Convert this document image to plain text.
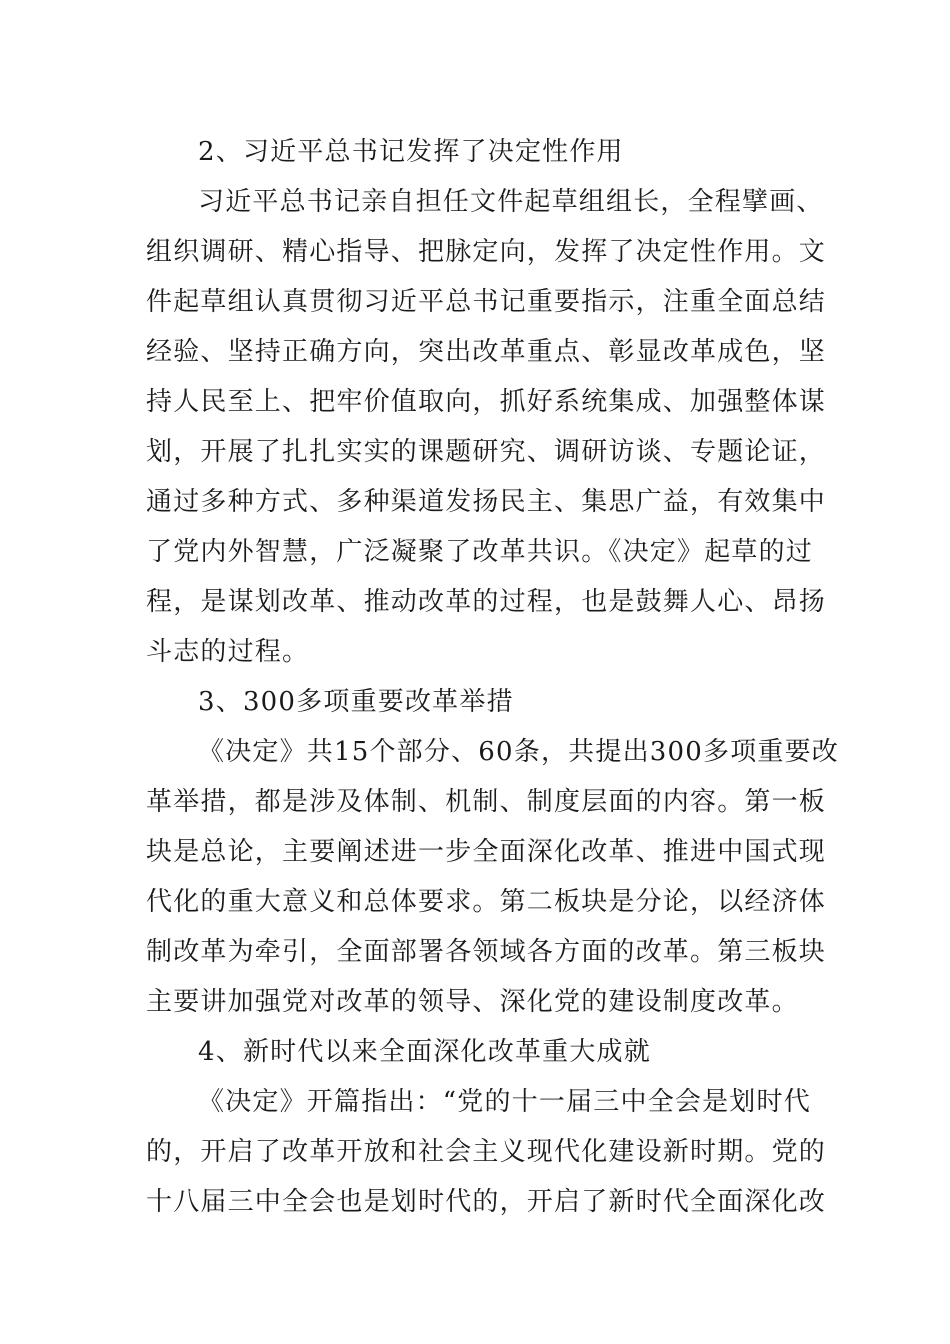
2、习近平总书记发挥了决定性作用
习近平总书记亲自担任文件起草组组长，全程擘画、
组织调研、精心指导、把脉定向，发挥了决定性作用。文
件起草组认真贯彻习近平总书记重要指示，注重全面总结
经验、坚持正确方向，突出改革重点、彰显改革成色，坚
持人民至上、把牢价值取向，抓好系统集成、加强整体谋
划，开展了扎扎实实的课题研究、调研访谈、专题论证，
通过多种方式、多种渠道发扬民主、集思广益，有效集中
了党内外智慧，广泛凝聚了改革共识。《决定》起草的过
程，是谋划改革、推动改革的过程，也是鼓舞人心、昂扬
斗志的过程。
3、300多项重要改革举措
《决定》共15个部分、60条，共提出300多项重要改
革举措，都是涉及体制、机制、制度层面的内容。第一板
块是总论，主要阐述进一步全面深化改革、推进中国式现
代化的重大意义和总体要求。第二板块是分论，以经济体
制改革为牵引，全面部署各领域各方面的改革。第三板块
主要讲加强党对改革的领导、深化党的建设制度改革。
4、新时代以来全面深化改革重大成就
《决定》开篇指出：“党的十一届三中全会是划时代
的，开启了改革开放和社会主义现代化建设新时期。党的
十八届三中全会也是划时代的，开启了新时代全面深化改
